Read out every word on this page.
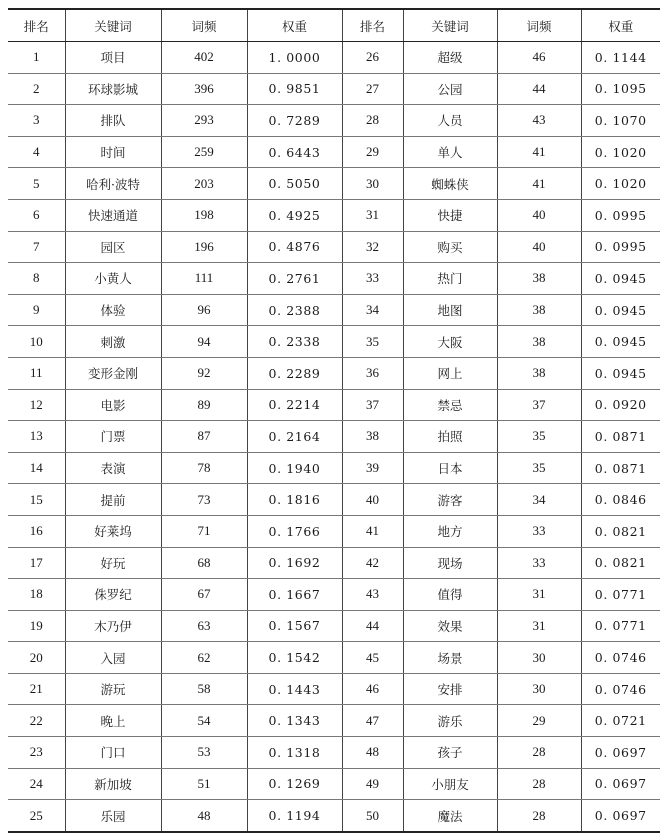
排名	关键词	词频	权重	排名	关键词	词频	权重
1	项目	402	1. 0000	26	超级	46	0. 1144
2	环球影城	396	0. 9851	27	公园	44	0. 1095
3	排队	293	0. 7289	28	人员	43	0. 1070
4	时间	259	0. 6443	29	单人	41	0. 1020
5	哈利·波特	203	0. 5050	30	蜘蛛侠	41	0. 1020
6	快速通道	198	0. 4925	31	快捷	40	0. 0995
7	园区	196	0. 4876	32	购买	40	0. 0995
8	小黄人	111	0. 2761	33	热门	38	0. 0945
9	体验	96	0. 2388	34	地图	38	0. 0945
10	刺激	94	0. 2338	35	大阪	38	0. 0945
11	变形金刚	92	0. 2289	36	网上	38	0. 0945
12	电影	89	0. 2214	37	禁忌	37	0. 0920
13	门票	87	0. 2164	38	拍照	35	0. 0871
14	表演	78	0. 1940	39	日本	35	0. 0871
15	提前	73	0. 1816	40	游客	34	0. 0846
16	好莱坞	71	0. 1766	41	地方	33	0. 0821
17	好玩	68	0. 1692	42	现场	33	0. 0821
18	侏罗纪	67	0. 1667	43	值得	31	0. 0771
19	木乃伊	63	0. 1567	44	效果	31	0. 0771
20	入园	62	0. 1542	45	场景	30	0. 0746
21	游玩	58	0. 1443	46	安排	30	0. 0746
22	晚上	54	0. 1343	47	游乐	29	0. 0721
23	门口	53	0. 1318	48	孩子	28	0. 0697
24	新加坡	51	0. 1269	49	小朋友	28	0. 0697
25	乐园	48	0. 1194	50	魔法	28	0. 0697
